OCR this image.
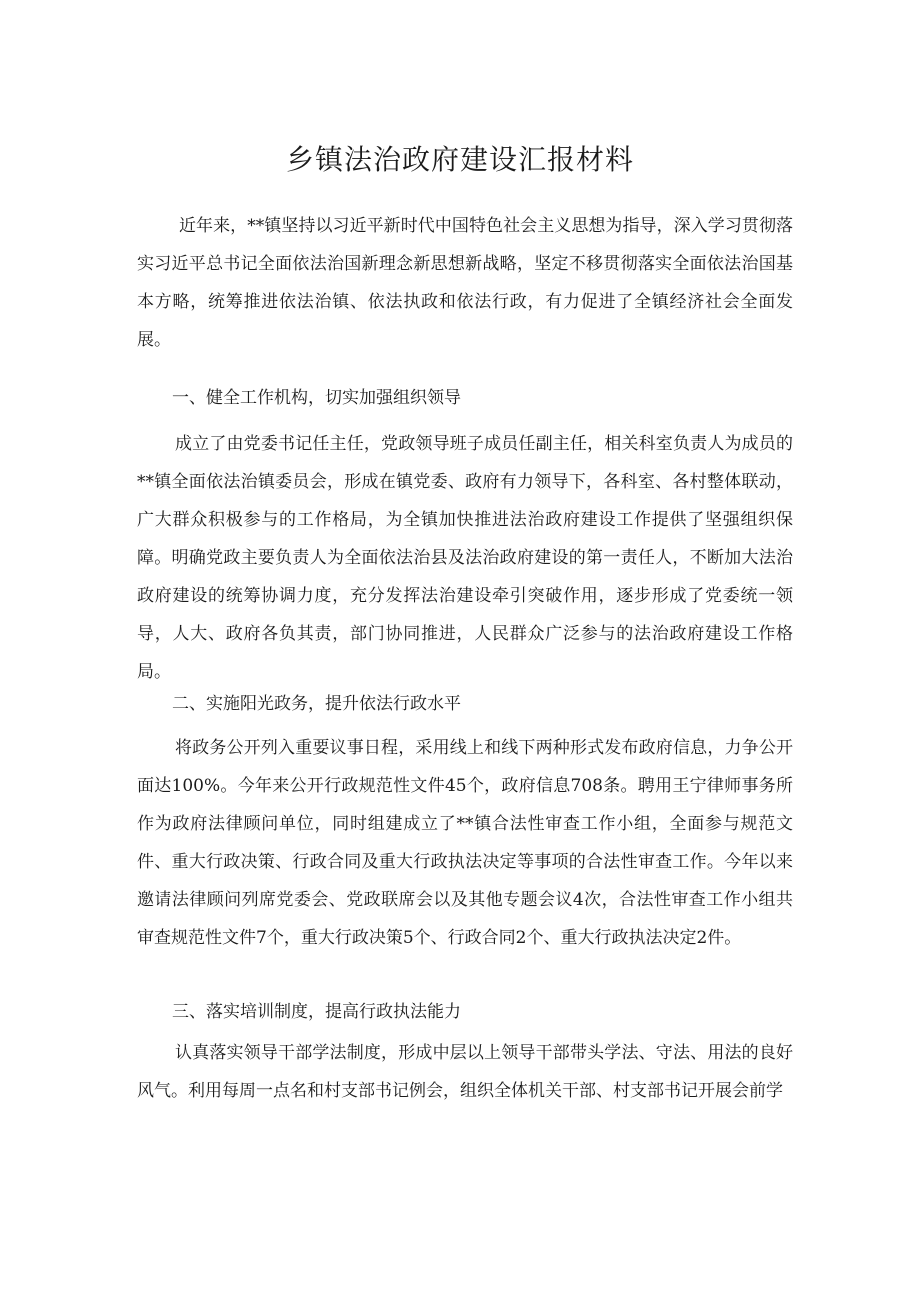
乡镇法治政府建设汇报材料

近年来，**镇坚持以习近平新时代中国特色社会主义思想为指导，深入学习贯彻落实习近平总书记全面依法治国新理念新思想新战略，坚定不移贯彻落实全面依法治国基本方略，统筹推进依法治镇、依法执政和依法行政，有力促进了全镇经济社会全面发展。

一、健全工作机构，切实加强组织领导

成立了由党委书记任主任，党政领导班子成员任副主任，相关科室负责人为成员的**镇全面依法治镇委员会，形成在镇党委、政府有力领导下，各科室、各村整体联动，广大群众积极参与的工作格局，为全镇加快推进法治政府建设工作提供了坚强组织保障。明确党政主要负责人为全面依法治县及法治政府建设的第一责任人，不断加大法治政府建设的统筹协调力度，充分发挥法治建设牵引突破作用，逐步形成了党委统一领导，人大、政府各负其责，部门协同推进，人民群众广泛参与的法治政府建设工作格局。

二、实施阳光政务，提升依法行政水平

将政务公开列入重要议事日程，采用线上和线下两种形式发布政府信息，力争公开面达100%。今年来公开行政规范性文件45个，政府信息708条。聘用王宁律师事务所作为政府法律顾问单位，同时组建成立了**镇合法性审查工作小组，全面参与规范文件、重大行政决策、行政合同及重大行政执法决定等事项的合法性审查工作。今年以来邀请法律顾问列席党委会、党政联席会以及其他专题会议4次，合法性审查工作小组共审查规范性文件7个，重大行政决策5个、行政合同2个、重大行政执法决定2件。

三、落实培训制度，提高行政执法能力

认真落实领导干部学法制度，形成中层以上领导干部带头学法、守法、用法的良好风气。利用每周一点名和村支部书记例会，组织全体机关干部、村支部书记开展会前学
